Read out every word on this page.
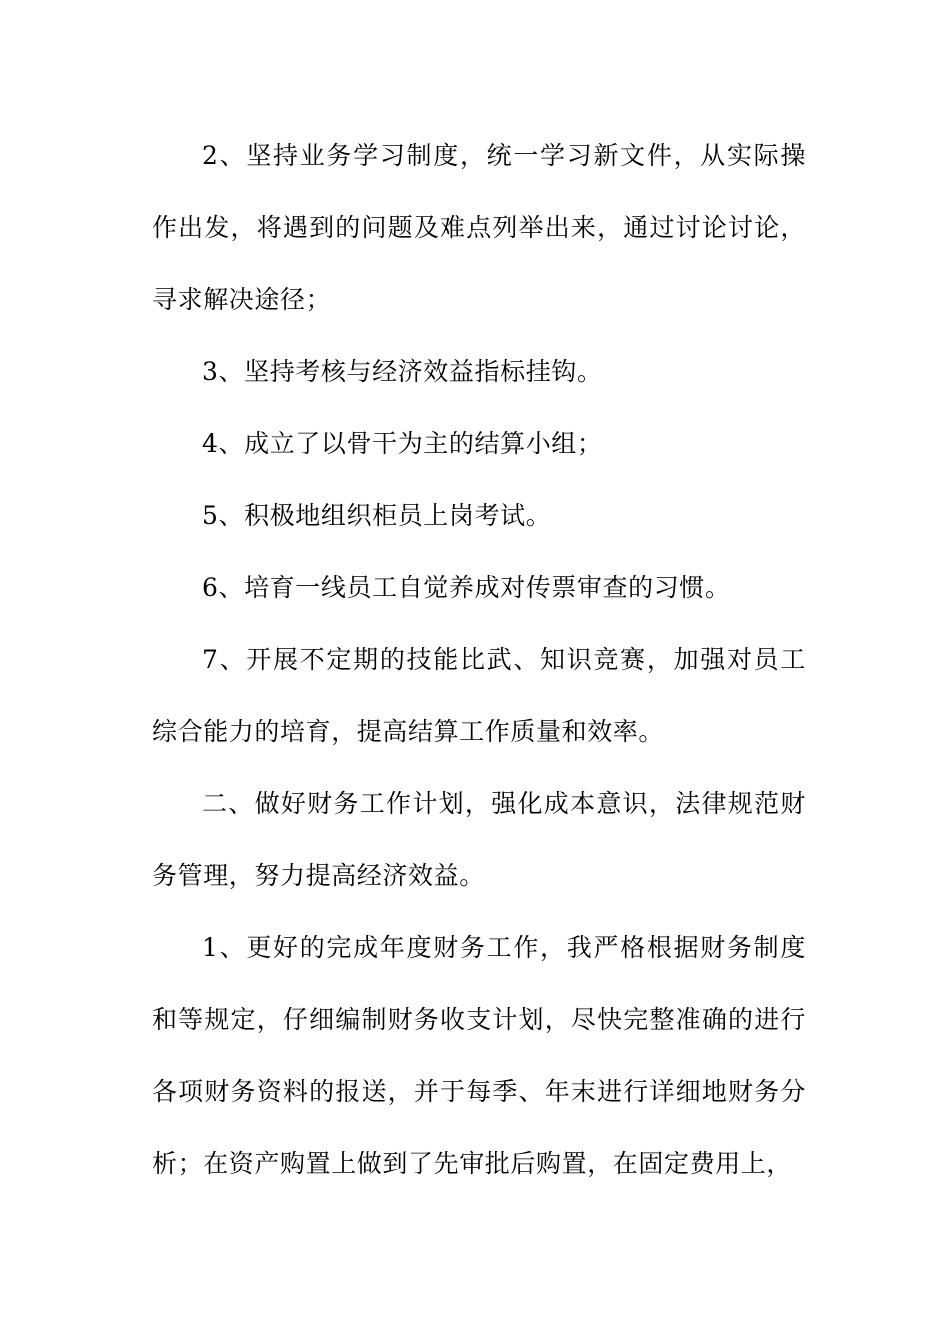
2、坚持业务学习制度，统一学习新文件，从实际操作出发，将遇到的问题及难点列举出来，通过讨论讨论，寻求解决途径；

3、坚持考核与经济效益指标挂钩。

4、成立了以骨干为主的结算小组；

5、积极地组织柜员上岗考试。

6、培育一线员工自觉养成对传票审查的习惯。

7、开展不定期的技能比武、知识竞赛，加强对员工综合能力的培育，提高结算工作质量和效率。

二、做好财务工作计划，强化成本意识，法律规范财务管理，努力提高经济效益。

1、更好的完成年度财务工作，我严格根据财务制度和等规定，仔细编制财务收支计划，尽快完整准确的进行各项财务资料的报送，并于每季、年末进行详细地财务分析；在资产购置上做到了先审批后购置，在固定费用上，
